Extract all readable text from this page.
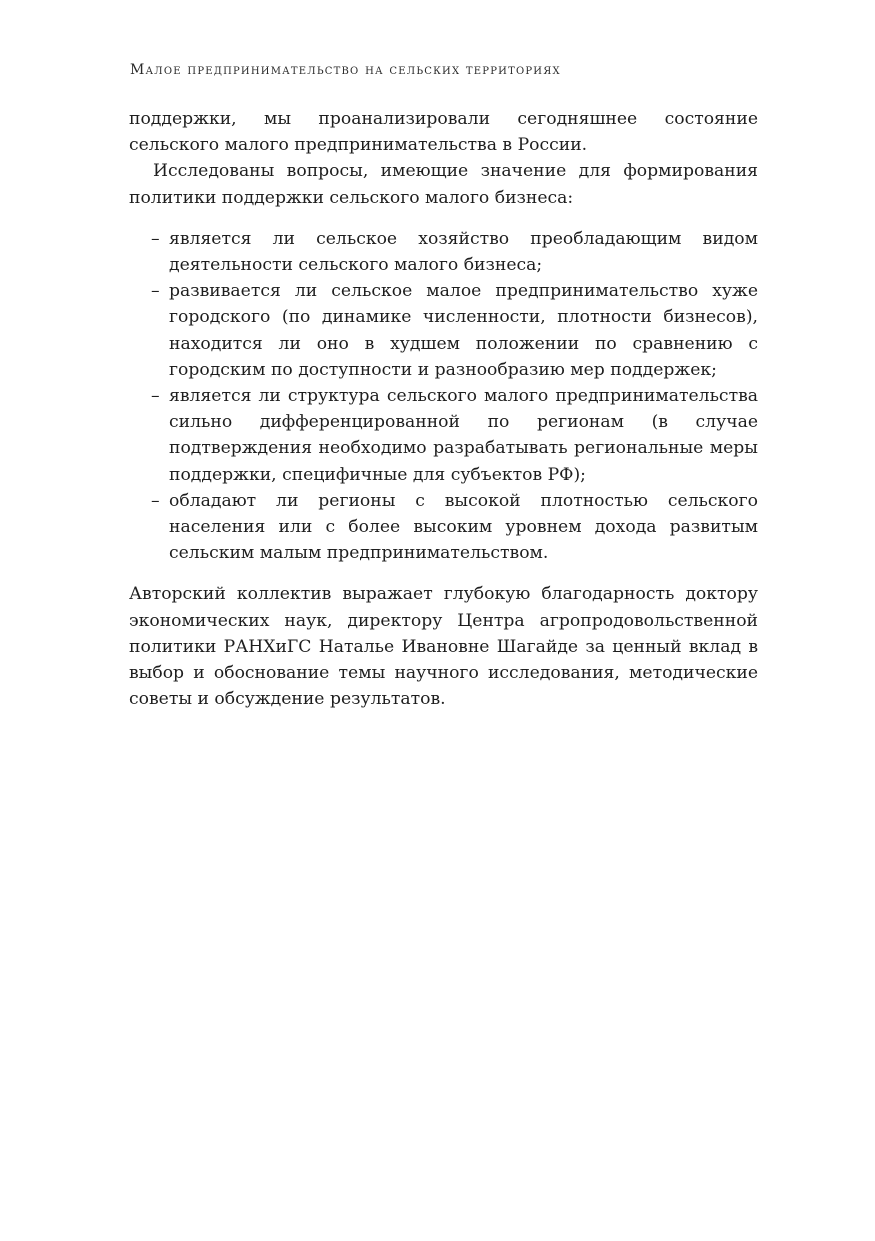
Малое предпринимательство на сельских территориях

поддержки, мы проанализировали сегодняшнее состояние сельского малого предпринимательства в России.

Исследованы вопросы, имеющие значение для формирования политики поддержки сельского малого бизнеса:

– является ли сельское хозяйство преобладающим видом деятельности сельского малого бизнеса;
– развивается ли сельское малое предпринимательство хуже городского (по динамике численности, плотности бизнесов), находится ли оно в худшем положении по сравнению с городским по доступности и разнообразию мер поддержек;
– является ли структура сельского малого предпринимательства сильно дифференцированной по регионам (в случае подтверждения необходимо разрабатывать региональные меры поддержки, специфичные для субъектов РФ);
– обладают ли регионы с высокой плотностью сельского населения или с более высоким уровнем дохода развитым сельским малым предпринимательством.

Авторский коллектив выражает глубокую благодарность доктору экономических наук, директору Центра агропродовольственной политики РАНХиГС Наталье Ивановне Шагайде за ценный вклад в выбор и обоснование темы научного исследования, методические советы и обсуждение результатов.
